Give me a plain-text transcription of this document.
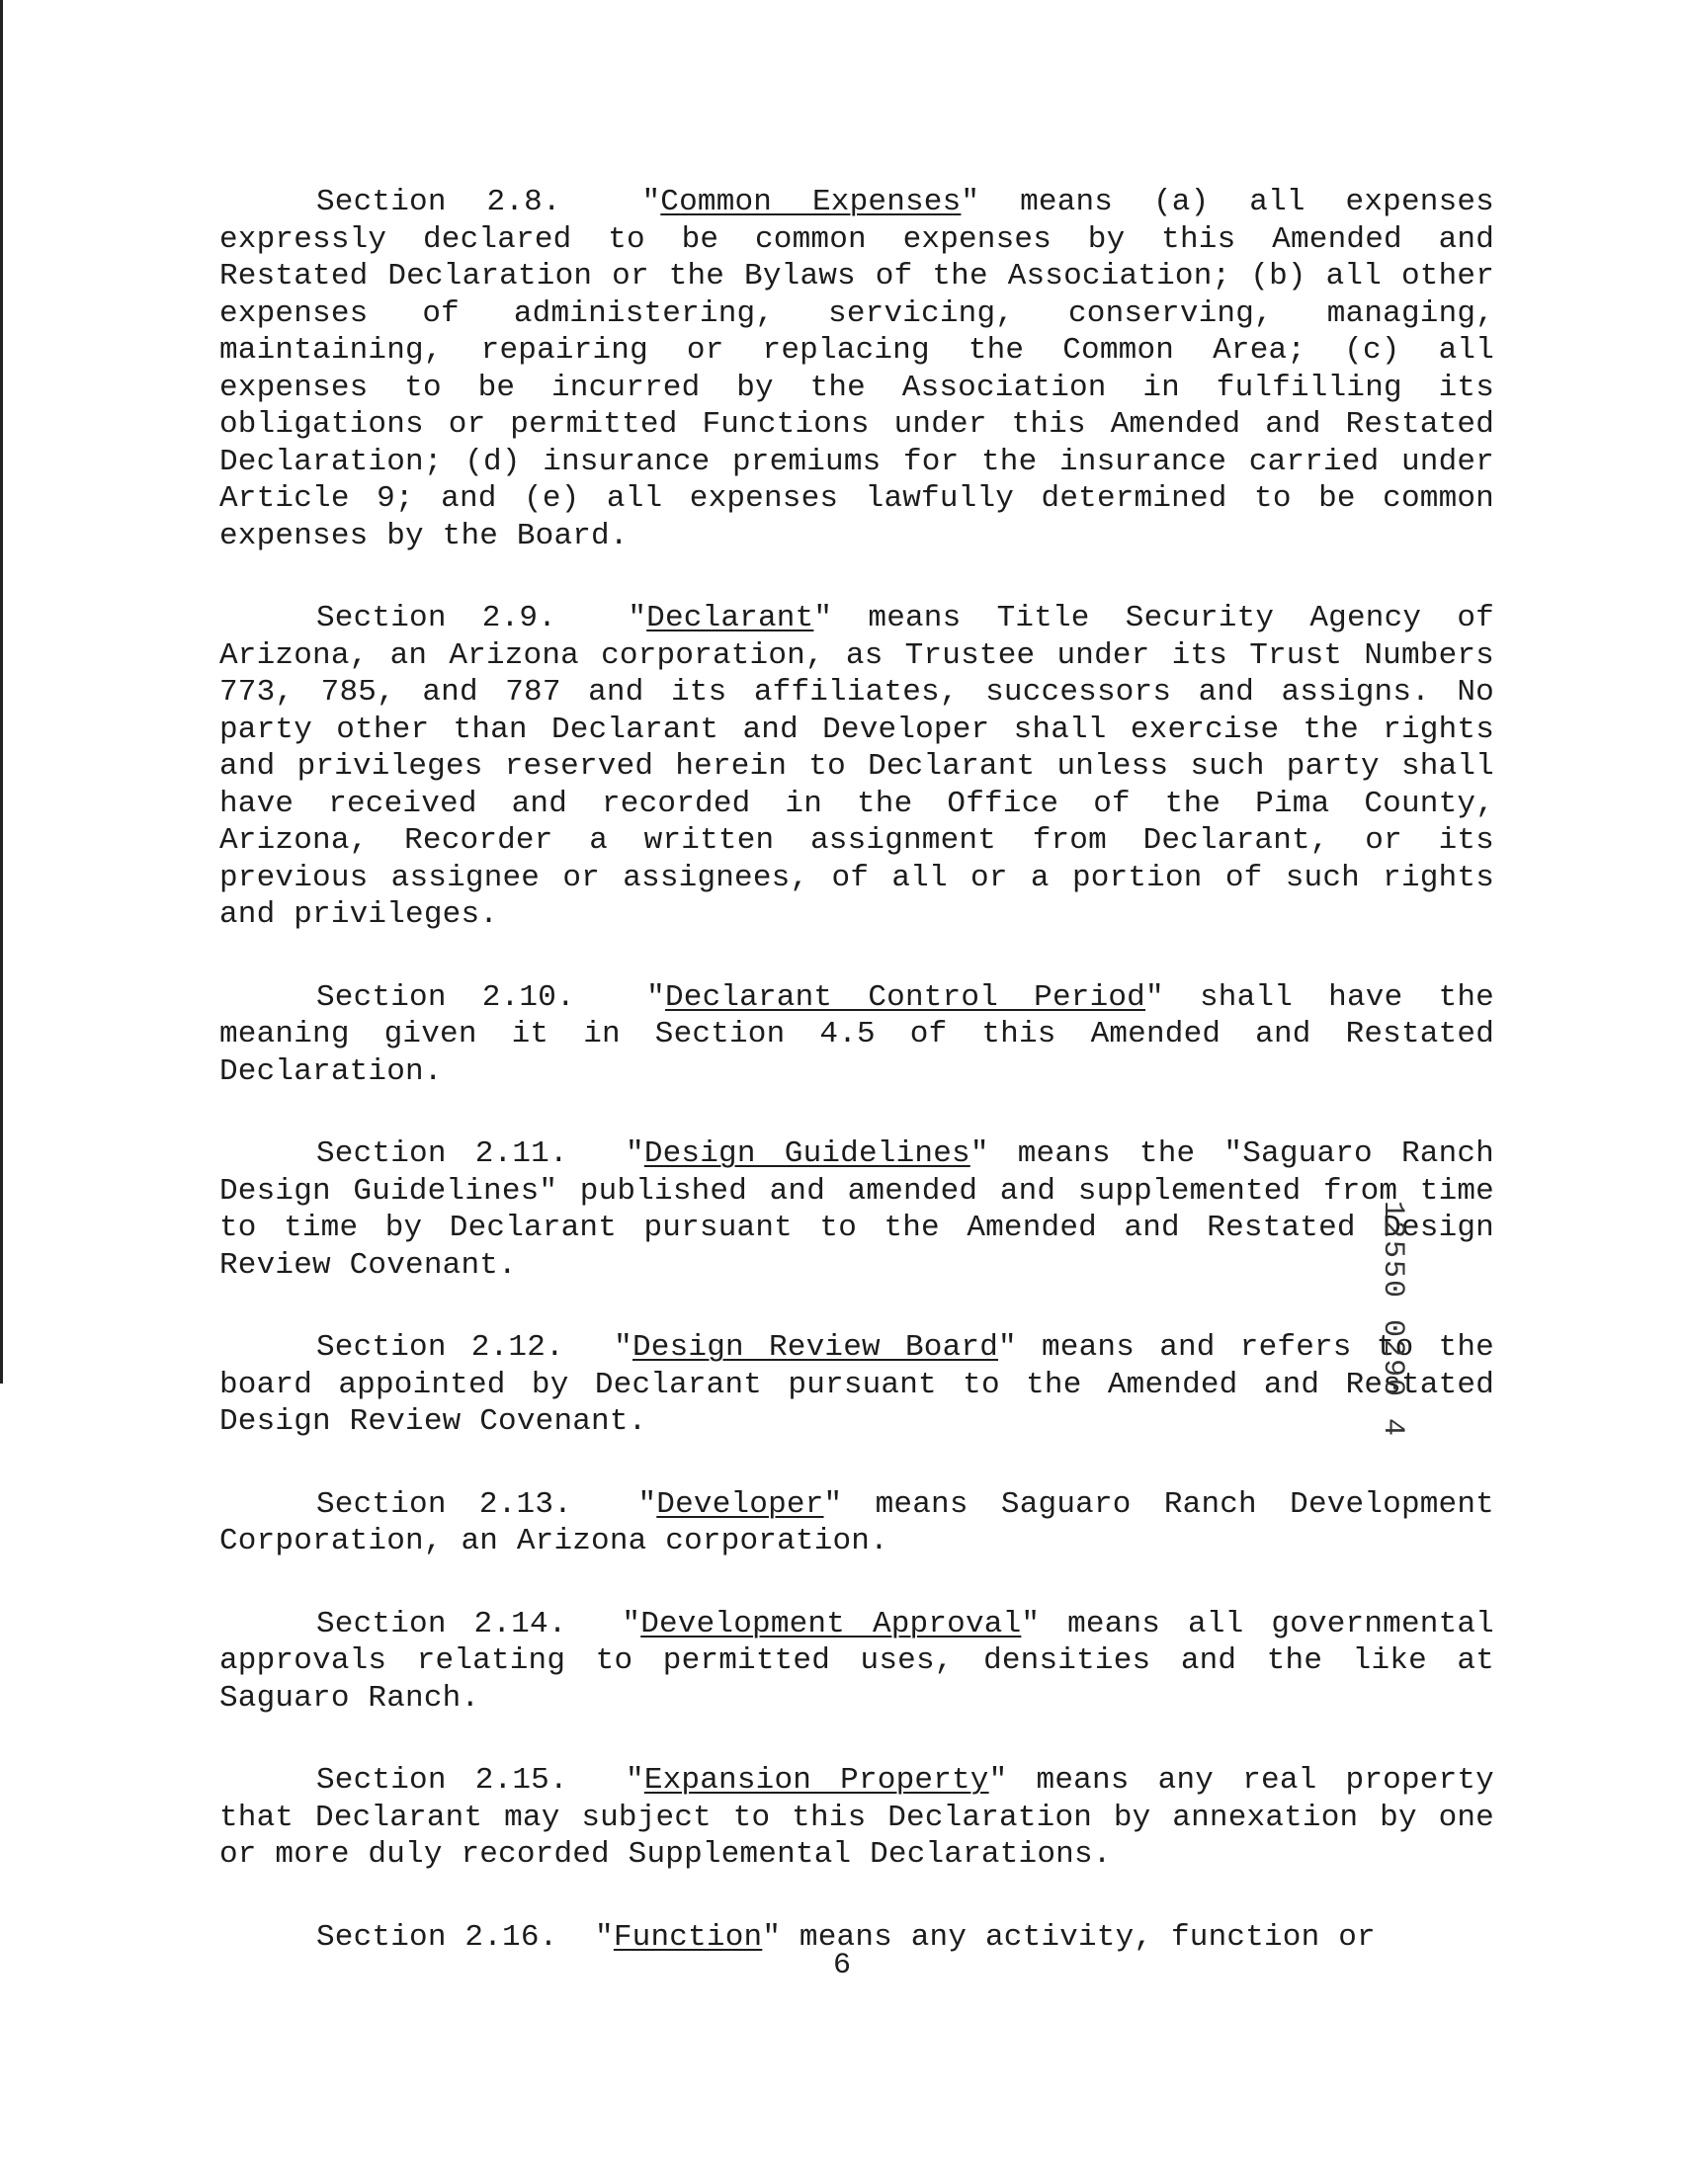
Section 2.8.  "Common Expenses" means (a) all expenses expressly declared to be common expenses by this Amended and Restated Declaration or the Bylaws of the Association; (b) all other expenses of administering, servicing, conserving, managing, maintaining, repairing or replacing the Common Area; (c) all expenses to be incurred by the Association in fulfilling its obligations or permitted Functions under this Amended and Restated Declaration; (d) insurance premiums for the insurance carried under Article 9; and (e) all expenses lawfully determined to be common expenses by the Board.

Section 2.9.  "Declarant" means Title Security Agency of Arizona, an Arizona corporation, as Trustee under its Trust Numbers 773, 785, and 787 and its affiliates, successors and assigns. No party other than Declarant and Developer shall exercise the rights and privileges reserved herein to Declarant unless such party shall have received and recorded in the Office of the Pima County, Arizona, Recorder a written assignment from Declarant, or its previous assignee or assignees, of all or a portion of such rights and privileges.

Section 2.10.  "Declarant Control Period" shall have the meaning given it in Section 4.5 of this Amended and Restated Declaration.

Section 2.11.  "Design Guidelines" means the "Saguaro Ranch Design Guidelines" published and amended and supplemented from time to time by Declarant pursuant to the Amended and Restated Design Review Covenant.

Section 2.12.  "Design Review Board" means and refers to the board appointed by Declarant pursuant to the Amended and Restated Design Review Covenant.

Section 2.13.  "Developer" means Saguaro Ranch Development Corporation, an Arizona corporation.

Section 2.14.  "Development Approval" means all governmental approvals relating to permitted uses, densities and the like at Saguaro Ranch.

Section 2.15.  "Expansion Property" means any real property that Declarant may subject to this Declaration by annexation by one or more duly recorded Supplemental Declarations.

Section 2.16.  "Function" means any activity, function or

12550 0290 4
6
